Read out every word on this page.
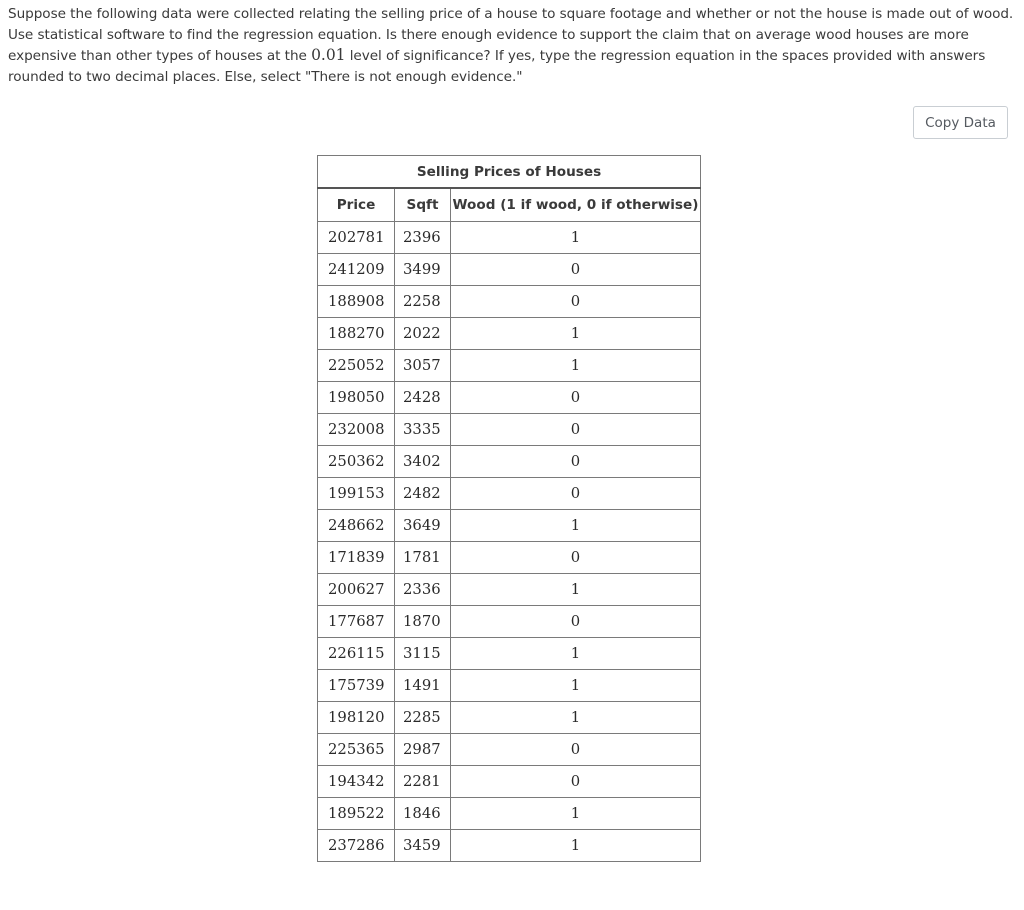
Suppose the following data were collected relating the selling price of a house to square footage and whether or not the house is made out of wood. Use statistical software to find the regression equation. Is there enough evidence to support the claim that on average wood houses are more expensive than other types of houses at the 0.01 level of significance? If yes, type the regression equation in the spaces provided with answers rounded to two decimal places. Else, select "There is not enough evidence."

Copy Data
Selling Prices of Houses		
Price	Sqft	Wood (1 if wood, 0 if otherwise)
202781	2396	1
241209	3499	0
188908	2258	0
188270	2022	1
225052	3057	1
198050	2428	0
232008	3335	0
250362	3402	0
199153	2482	0
248662	3649	1
171839	1781	0
200627	2336	1
177687	1870	0
226115	3115	1
175739	1491	1
198120	2285	1
225365	2987	0
194342	2281	0
189522	1846	1
237286	3459	1
